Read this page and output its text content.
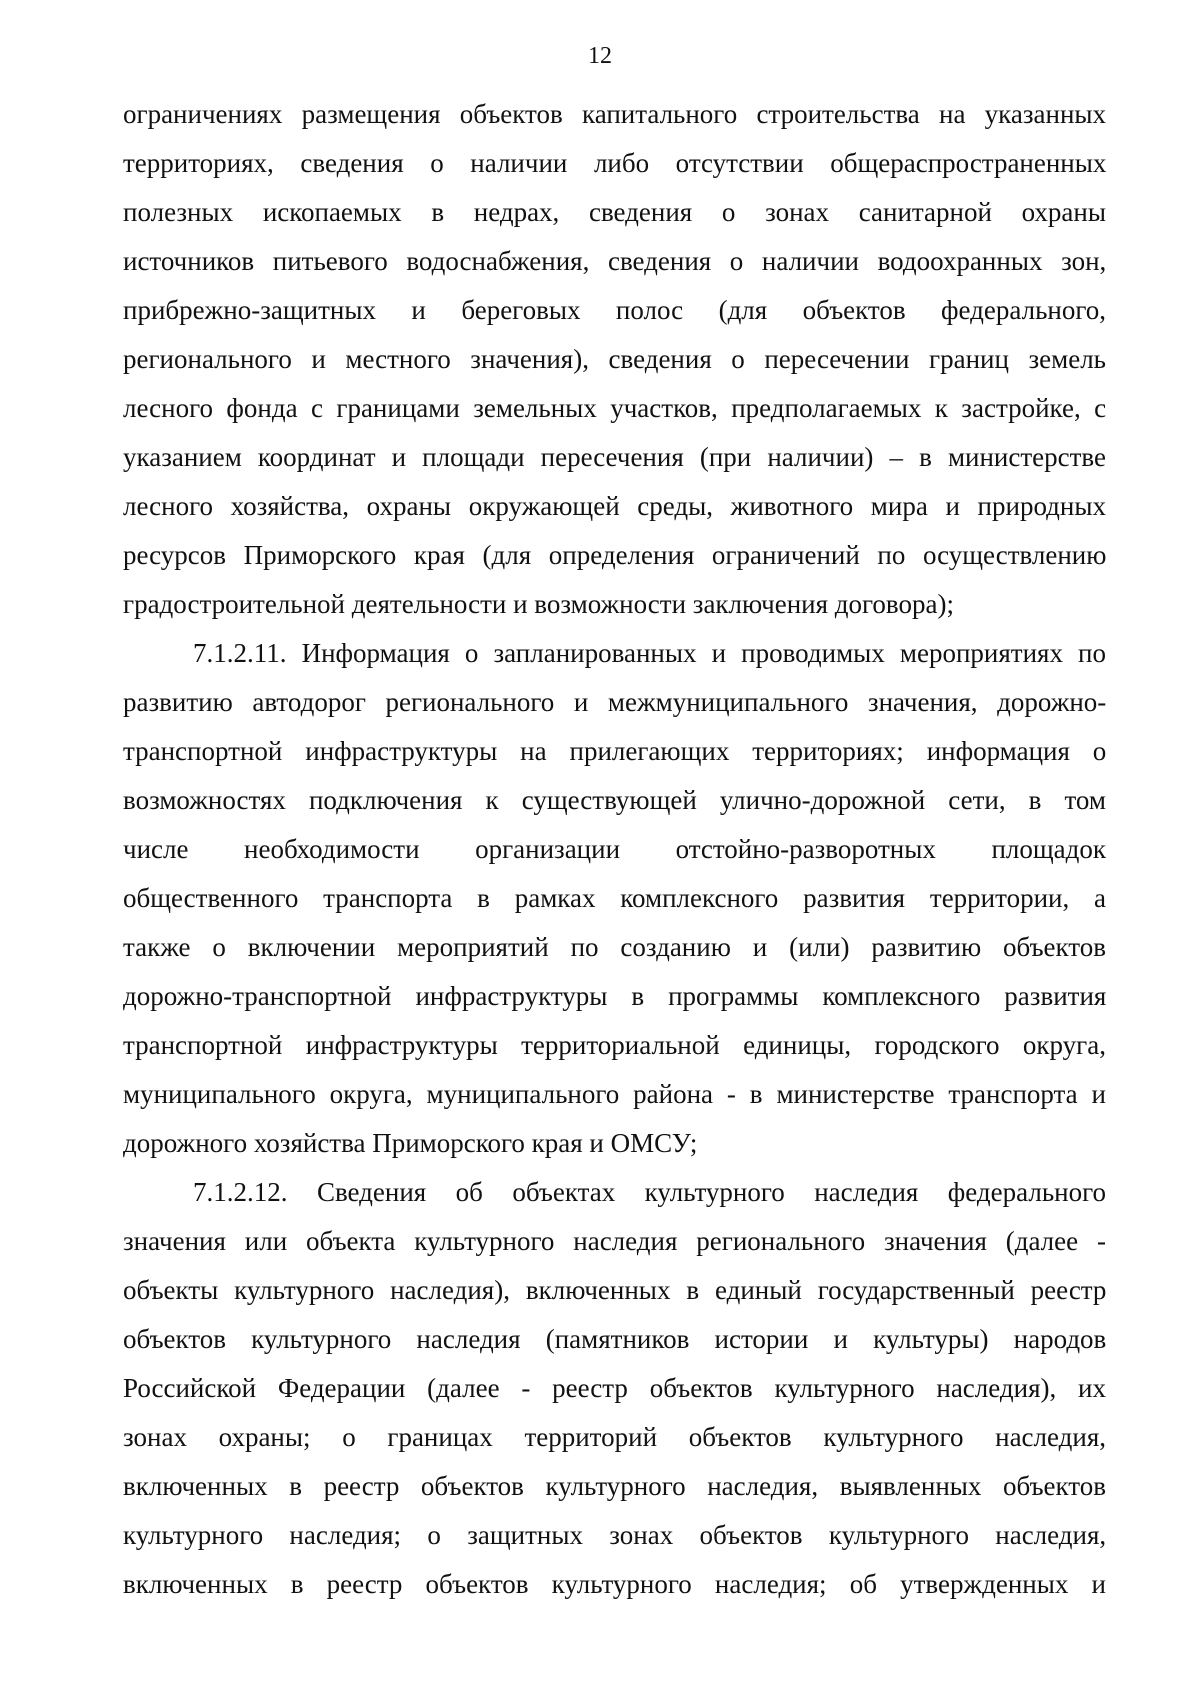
12
ограничениях размещения объектов капитального строительства на указанных
территориях, сведения о наличии либо отсутствии общераспространенных
полезных ископаемых в недрах, сведения о зонах санитарной охраны
источников питьевого водоснабжения, сведения о наличии водоохранных зон,
прибрежно-защитных и береговых полос (для объектов федерального,
регионального и местного значения), сведения о пересечении границ земель
лесного фонда с границами земельных участков, предполагаемых к застройке, с
указанием координат и площади пересечения (при наличии) – в министерстве
лесного хозяйства, охраны окружающей среды, животного мира и природных
ресурсов Приморского края (для определения ограничений по осуществлению
градостроительной деятельности и возможности заключения договора);
7.1.2.11. Информация о запланированных и проводимых мероприятиях по
развитию автодорог регионального и межмуниципального значения, дорожно-
транспортной инфраструктуры на прилегающих территориях; информация о
возможностях подключения к существующей улично-дорожной сети, в том
числе необходимости организации отстойно-разворотных площадок
общественного транспорта в рамках комплексного развития территории, а
также о включении мероприятий по созданию и (или) развитию объектов
дорожно-транспортной инфраструктуры в программы комплексного развития
транспортной инфраструктуры территориальной единицы, городского округа,
муниципального округа, муниципального района - в министерстве транспорта и
дорожного хозяйства Приморского края и ОМСУ;
7.1.2.12. Сведения об объектах культурного наследия федерального
значения или объекта культурного наследия регионального значения (далее -
объекты культурного наследия), включенных в единый государственный реестр
объектов культурного наследия (памятников истории и культуры) народов
Российской Федерации (далее - реестр объектов культурного наследия), их
зонах охраны; о границах территорий объектов культурного наследия,
включенных в реестр объектов культурного наследия, выявленных объектов
культурного наследия; о защитных зонах объектов культурного наследия,
включенных в реестр объектов культурного наследия; об утвержденных и
